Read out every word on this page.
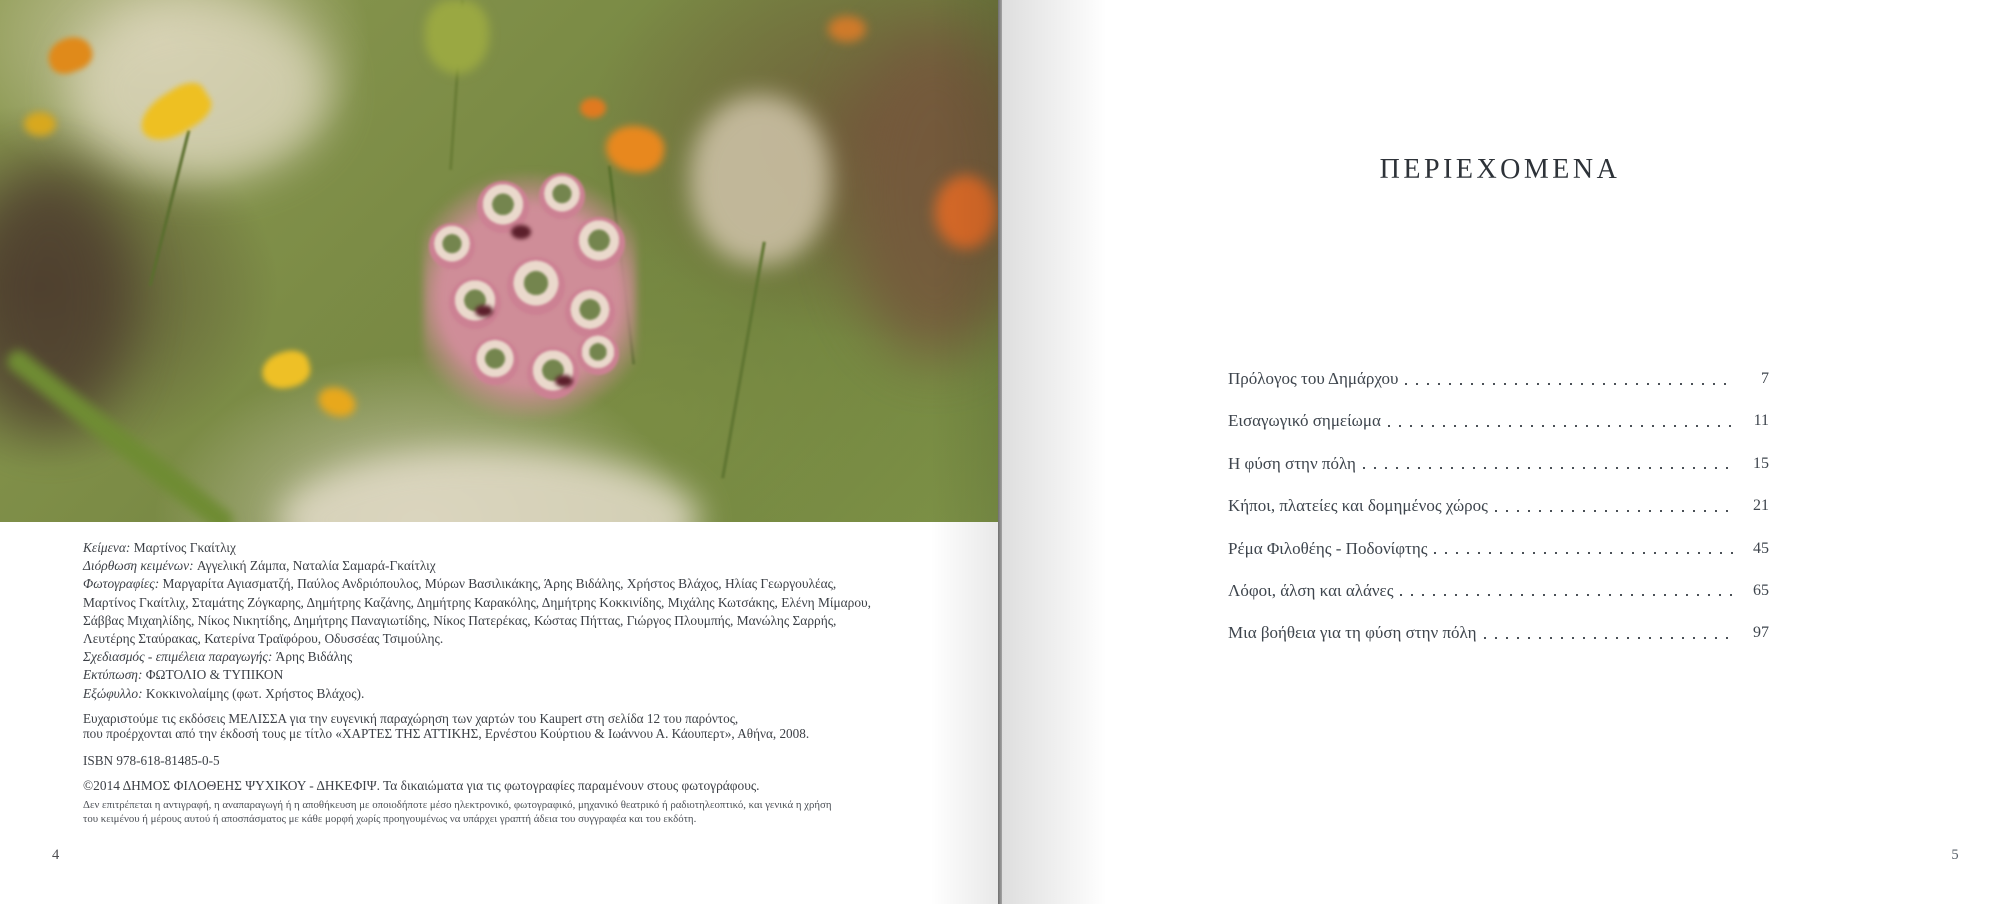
Κείμενα: Μαρτίνος Γκαίτλιχ
Διόρθωση κειμένων: Αγγελική Ζάμπα, Ναταλία Σαμαρά-Γκαίτλιχ
Φωτογραφίες: Μαργαρίτα Αγιασματζή, Παύλος Ανδριόπουλος, Μύρων Βασιλικάκης, Άρης Βιδάλης, Χρήστος Βλάχος, Ηλίας Γεωργουλέας,
Μαρτίνος Γκαίτλιχ, Σταμάτης Ζόγκαρης, Δημήτρης Καζάνης, Δημήτρης Καρακόλης, Δημήτρης Κοκκινίδης, Μιχάλης Κωτσάκης, Ελένη Μίμαρου,
Σάββας Μιχαηλίδης, Νίκος Νικητίδης, Δημήτρης Παναγιωτίδης, Νίκος Πατερέκας, Κώστας Πήττας, Γιώργος Πλουμπής, Μανώλης Σαρρής,
Λευτέρης Σταύρακας, Κατερίνα Τραϊφόρου, Οδυσσέας Τσιμούλης.
Σχεδιασμός - επιμέλεια παραγωγής: Άρης Βιδάλης
Εκτύπωση: ΦΩΤΟΛΙΟ & ΤΥΠΙΚΟΝ
Εξώφυλλο: Κοκκινολαίμης (φωτ. Χρήστος Βλάχος).
Ευχαριστούμε τις εκδόσεις ΜΕΛΙΣΣΑ για την ευγενική παραχώρηση των χαρτών του Kaupert στη σελίδα 12 του παρόντος,
που προέρχονται από την έκδοσή τους με τίτλο «ΧΑΡΤΕΣ ΤΗΣ ΑΤΤΙΚΗΣ, Ερνέστου Κούρτιου & Ιωάννου Α. Κάουπερτ», Αθήνα, 2008.
ISBN 978-618-81485-0-5
©2014 ΔΗΜΟΣ ΦΙΛΟΘΕΗΣ ΨΥΧΙΚΟΥ - ΔΗΚΕΦΙΨ. Τα δικαιώματα για τις φωτογραφίες παραμένουν στους φωτογράφους.
Δεν επιτρέπεται η αντιγραφή, η αναπαραγωγή ή η αποθήκευση με οποιοδήποτε μέσο ηλεκτρονικό, φωτογραφικό, μηχανικό θεατρικό ή ραδιοτηλεοπτικό, και γενικά η χρήση
του κειμένου ή μέρους αυτού ή αποσπάσματος με κάθε μορφή χωρίς προηγουμένως να υπάρχει γραπτή άδεια του συγγραφέα και του εκδότη.
4
ΠΕΡΙΕΧΟΜΕΝΑ
Πρόλογος του Δημάρχου	7
Εισαγωγικό σημείωμα	11
Η φύση στην πόλη	15
Κήποι, πλατείες και δομημένος χώρος	21
Ρέμα Φιλοθέης - Ποδονίφτης	45
Λόφοι, άλση και αλάνες	65
Μια βοήθεια για τη φύση στην πόλη	97
5
